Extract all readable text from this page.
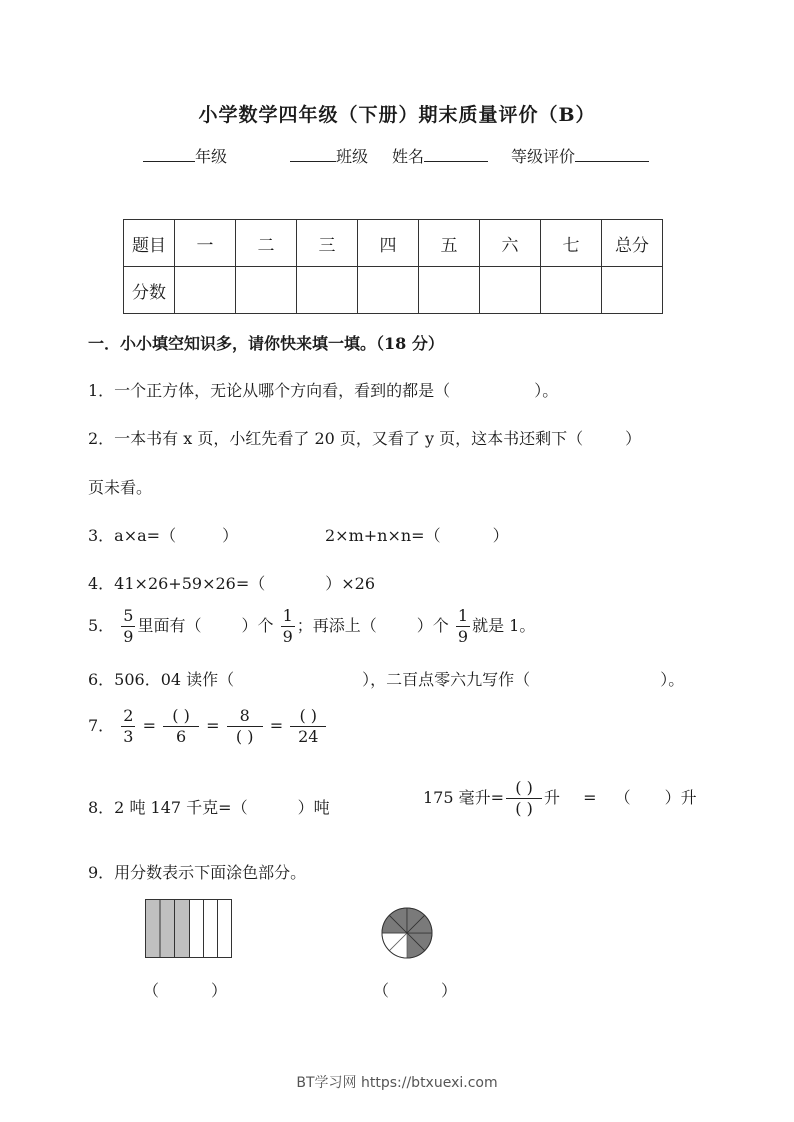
小学数学四年级（下册）期末质量评价（B）
年级	班级 姓名	等级评价
题目	一	二	三	四	五	六	七	总分
分数								
一．小小填空知识多，请你快来填一填。（18 分）
1．一个正方体，无论从哪个方向看，看到的都是（	）。
2．一本书有 x 页，小红先看了 20 页，又看了 y 页，这本书还剩下（	）
页未看。
3．a×a=（	）	2×m+n×n=（	）
4．41×26+59×26=（	）×26
5． $\frac{5}{9}$ 里面有（	）个 $\frac{1}{9}$ ；再添上（	）个 $\frac{1}{9}$ 就是 1。
6．506．04 读作（	），二百点零六九写作（	）。
7． $\frac{2}{3} = \frac{( )}{6} = \frac{8}{( )} = \frac{( )}{24}$
8．2 吨 147 千克=（	）吨
175 毫升= $\frac{( )}{( )}$ 升 = （ ）升
9．用分数表示下面涂色部分。
（	）	（	）
BT学习网 https://btxuexi.com
